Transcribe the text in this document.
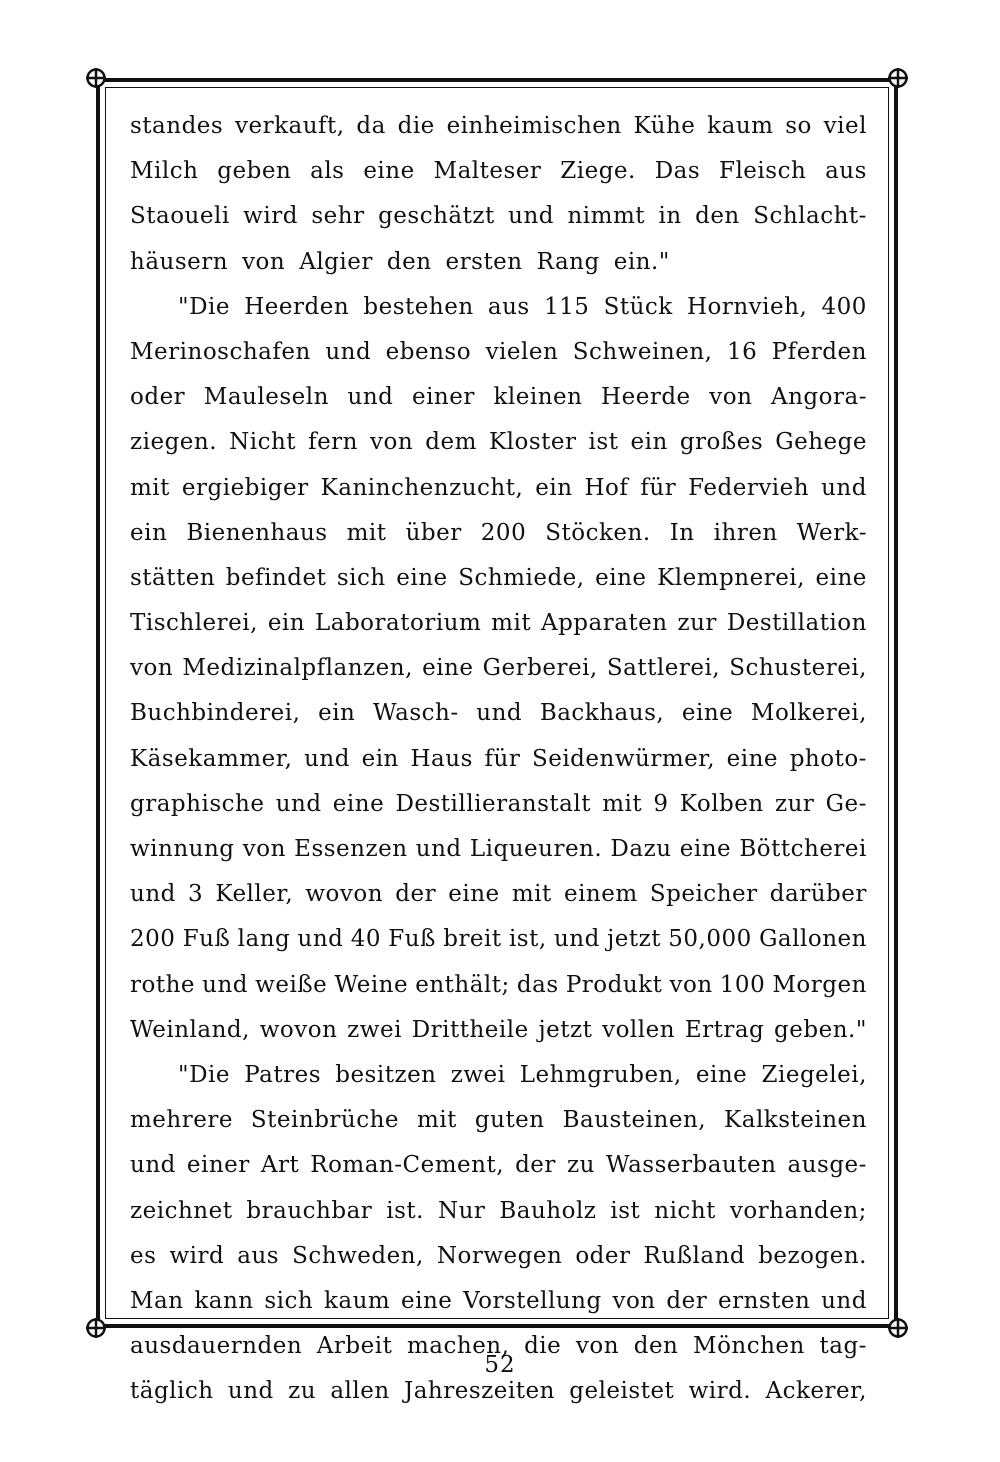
standes verkauft, da die einheimischen Kühe kaum so viel
Milch geben als eine Malteser Ziege. Das Fleisch aus
Staoueli wird sehr geschätzt und nimmt in den Schlacht-
häusern von Algier den ersten Rang ein."
"Die Heerden bestehen aus 115 Stück Hornvieh, 400
Merinoschafen und ebenso vielen Schweinen, 16 Pferden
oder Mauleseln und einer kleinen Heerde von Angora-
ziegen. Nicht fern von dem Kloster ist ein großes Gehege
mit ergiebiger Kaninchenzucht, ein Hof für Federvieh und
ein Bienenhaus mit über 200 Stöcken. In ihren Werk-
stätten befindet sich eine Schmiede, eine Klempnerei, eine
Tischlerei, ein Laboratorium mit Apparaten zur Destillation
von Medizinalpflanzen, eine Gerberei, Sattlerei, Schusterei,
Buchbinderei, ein Wasch- und Backhaus, eine Molkerei,
Käsekammer, und ein Haus für Seidenwürmer, eine photo-
graphische und eine Destillieranstalt mit 9 Kolben zur Ge-
winnung von Essenzen und Liqueuren. Dazu eine Böttcherei
und 3 Keller, wovon der eine mit einem Speicher darüber
200 Fuß lang und 40 Fuß breit ist, und jetzt 50,000 Gallonen
rothe und weiße Weine enthält; das Produkt von 100 Morgen
Weinland, wovon zwei Drittheile jetzt vollen Ertrag geben."
"Die Patres besitzen zwei Lehmgruben, eine Ziegelei,
mehrere Steinbrüche mit guten Bausteinen, Kalksteinen
und einer Art Roman-Cement, der zu Wasserbauten ausge-
zeichnet brauchbar ist. Nur Bauholz ist nicht vorhanden;
es wird aus Schweden, Norwegen oder Rußland bezogen.
Man kann sich kaum eine Vorstellung von der ernsten und
ausdauernden Arbeit machen, die von den Mönchen tag-
täglich und zu allen Jahreszeiten geleistet wird. Ackerer,
52
